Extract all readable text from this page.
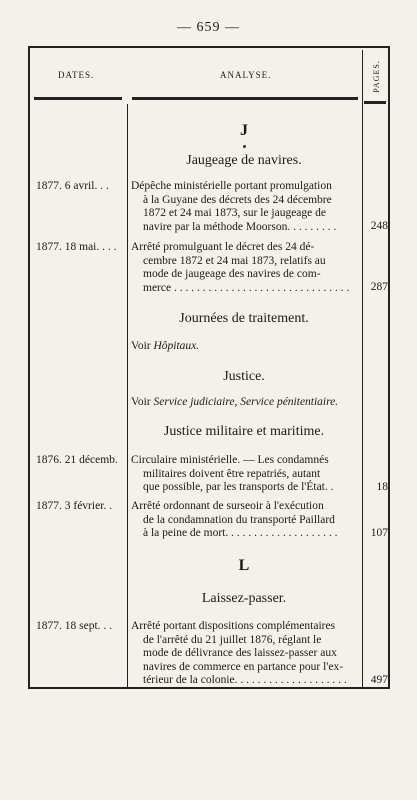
— 659 —
DATES.	ANALYSE.	PAGES.
J
Jaugeage de navires.
1877. 6 avril. . .	Dépêche ministérielle portant promulgation
à la Guyane des décrets des 24 décembre
1872 et 24 mai 1873, sur le jaugeage de
navire par la méthode Moorson. . . . . . . . .	248
1877. 18 mai. . . .	Arrêté promulguant le décret des 24 dé-
cembre 1872 et 24 mai 1873, relatifs au
mode de jaugeage des navires de com-
merce . . . . . . . . . . . . . . . . . . . . . . . . . . . . . . .	287
Journées de traitement.
Voir Hôpitaux.
Justice.
Voir Service judiciaire, Service pénitentiaire.
Justice militaire et maritime.
1876. 21 décemb.	Circulaire ministérielle. — Les condamnés
militaires doivent être repatriés, autant
que possible, par les transports de l'État. .	18
1877. 3 février. .	Arrêté ordonnant de surseoir à l'exécution
de la condamnation du transporté Paillard
à la peine de mort. . . . . . . . . . . . . . . . . . . .	107
L
Laissez-passer.
1877. 18 sept. . .	Arrêté portant dispositions complémentaires
de l'arrêté du 21 juillet 1876, réglant le
mode de délivrance des laissez-passer aux
navires de commerce en partance pour l'ex-
térieur de la colonie. . . . . . . . . . . . . . . . . . . .	497
